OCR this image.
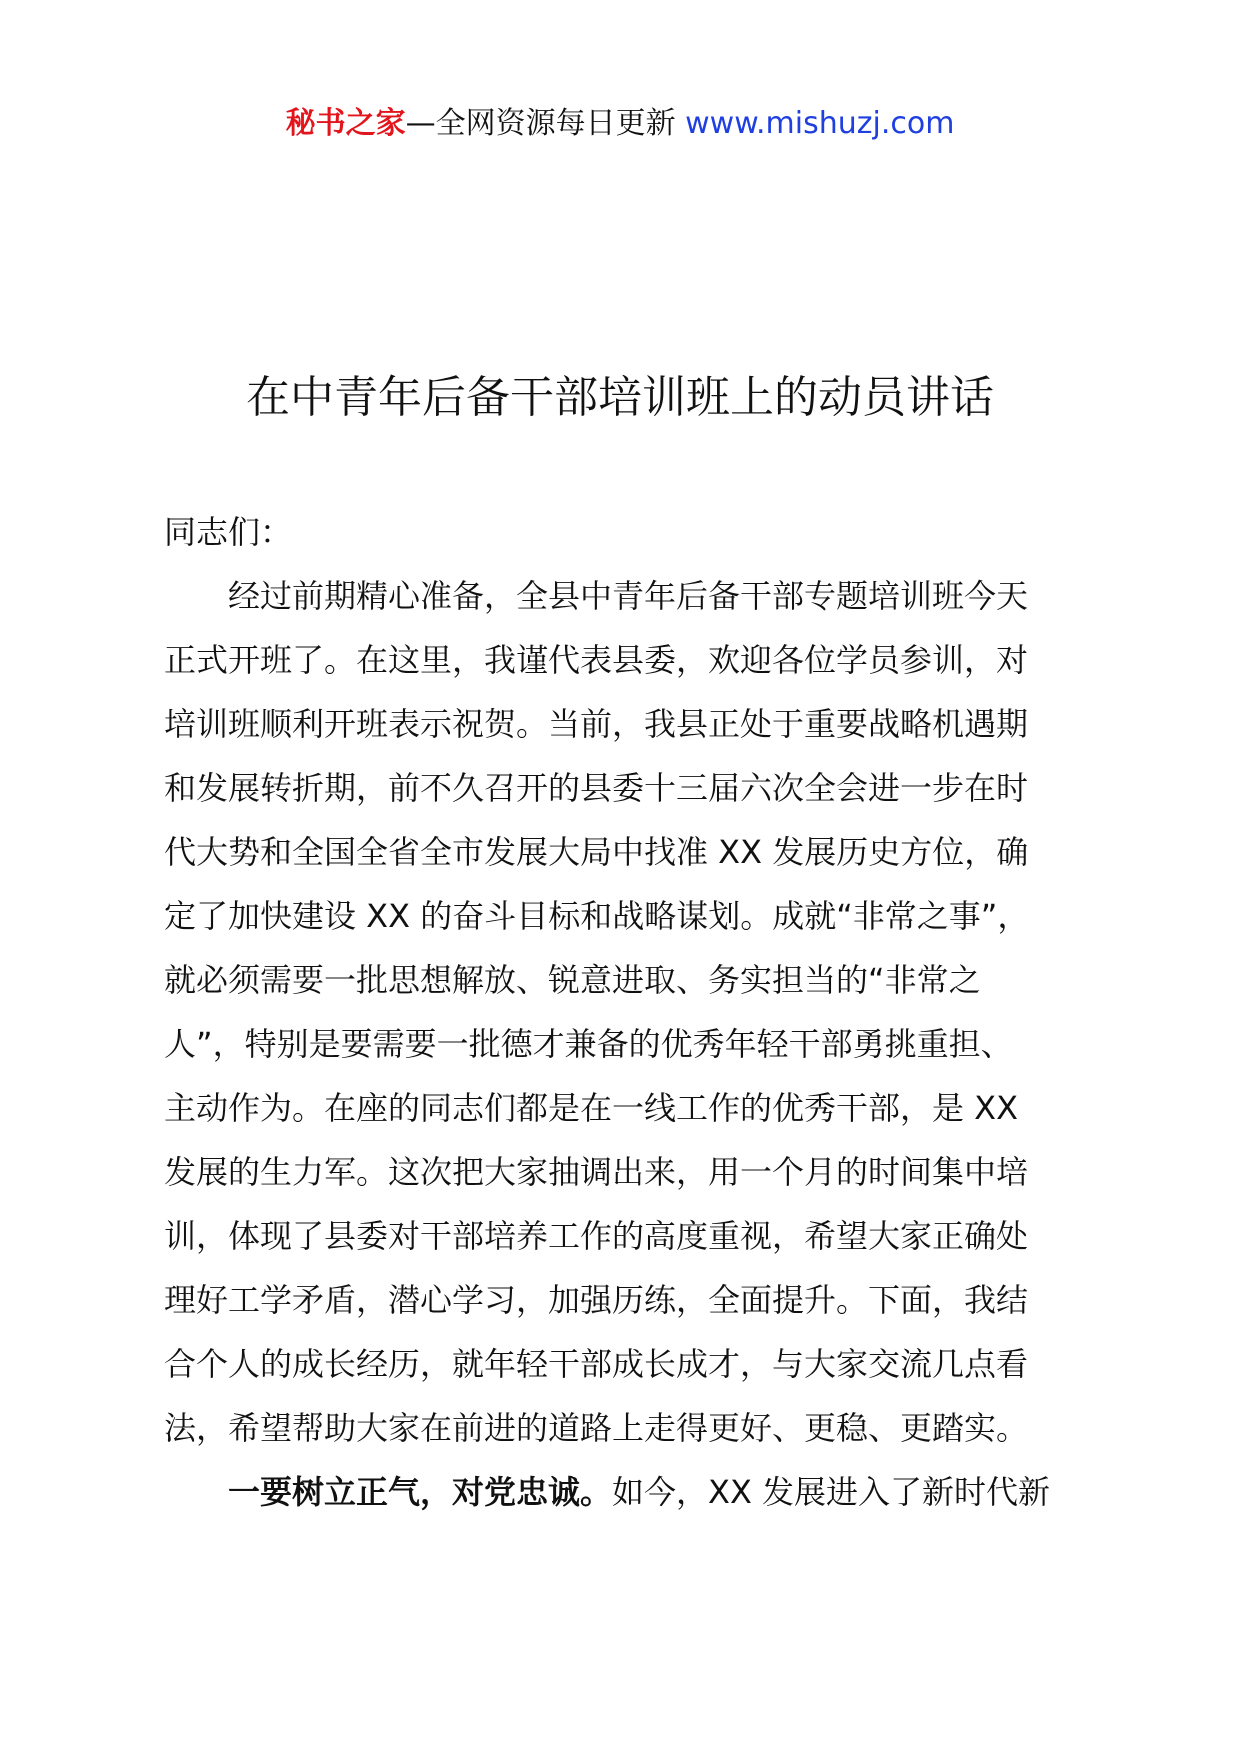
秘书之家—全网资源每日更新 www.mishuzj.com
在中青年后备干部培训班上的动员讲话

同志们：

经过前期精心准备，全县中青年后备干部专题培训班今天

正式开班了。在这里，我谨代表县委，欢迎各位学员参训，对

培训班顺利开班表示祝贺。当前，我县正处于重要战略机遇期

和发展转折期，前不久召开的县委十三届六次全会进一步在时

代大势和全国全省全市发展大局中找准 XX 发展历史方位，确

定了加快建设 XX 的奋斗目标和战略谋划。成就“非常之事”，

就必须需要一批思想解放、锐意进取、务实担当的“非常之

人”，特别是要需要一批德才兼备的优秀年轻干部勇挑重担、

主动作为。在座的同志们都是在一线工作的优秀干部，是 XX

发展的生力军。这次把大家抽调出来，用一个月的时间集中培

训，体现了县委对干部培养工作的高度重视，希望大家正确处

理好工学矛盾，潜心学习，加强历练，全面提升。下面，我结

合个人的成长经历，就年轻干部成长成才，与大家交流几点看

法，希望帮助大家在前进的道路上走得更好、更稳、更踏实。

一要树立正气，对党忠诚。如今，XX 发展进入了新时代新
